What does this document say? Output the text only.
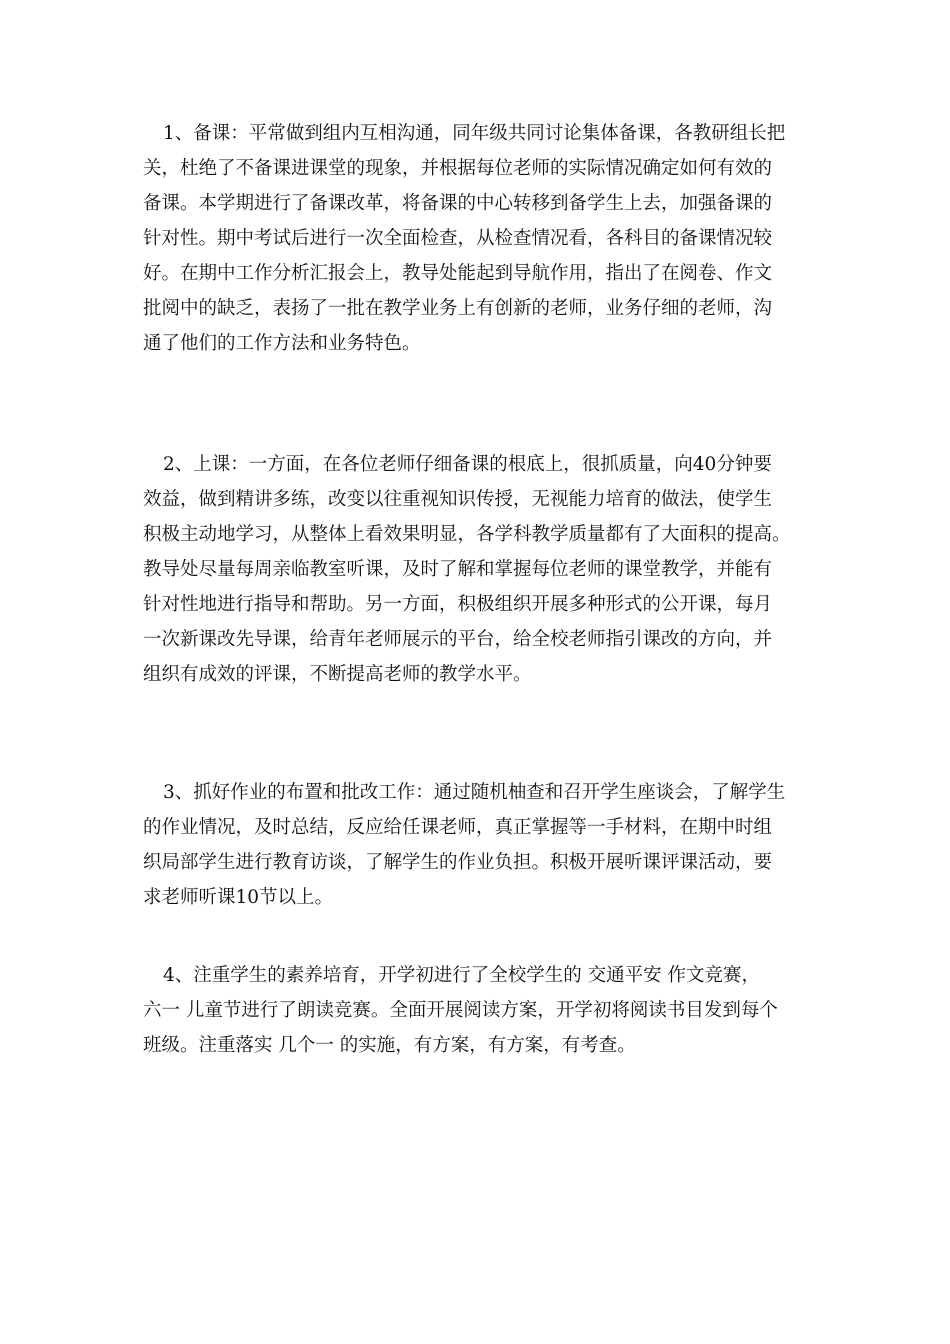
1、备课：平常做到组内互相沟通，同年级共同讨论集体备课，各教研组长把
关，杜绝了不备课进课堂的现象，并根据每位老师的实际情况确定如何有效的
备课。本学期进行了备课改革，将备课的中心转移到备学生上去，加强备课的
针对性。期中考试后进行一次全面检查，从检查情况看，各科目的备课情况较
好。在期中工作分析汇报会上，教导处能起到导航作用，指出了在阅卷、作文
批阅中的缺乏，表扬了一批在教学业务上有创新的老师，业务仔细的老师，沟
通了他们的工作方法和业务特色。
2、上课：一方面，在各位老师仔细备课的根底上，很抓质量，向40分钟要
效益，做到精讲多练，改变以往重视知识传授，无视能力培育的做法，使学生
积极主动地学习，从整体上看效果明显，各学科教学质量都有了大面积的提高。
教导处尽量每周亲临教室听课，及时了解和掌握每位老师的课堂教学，并能有
针对性地进行指导和帮助。另一方面，积极组织开展多种形式的公开课，每月
一次新课改先导课，给青年老师展示的平台，给全校老师指引课改的方向，并
组织有成效的评课，不断提高老师的教学水平。
3、抓好作业的布置和批改工作：通过随机柚查和召开学生座谈会，了解学生
的作业情况，及时总结，反应给任课老师，真正掌握等一手材料，在期中时组
织局部学生进行教育访谈，了解学生的作业负担。积极开展听课评课活动，要
求老师听课10节以上。
4、注重学生的素养培育，开学初进行了全校学生的 交通平安 作文竞赛，
六一 儿童节进行了朗读竞赛。全面开展阅读方案，开学初将阅读书目发到每个
班级。注重落实 几个一 的实施，有方案，有方案，有考查。
